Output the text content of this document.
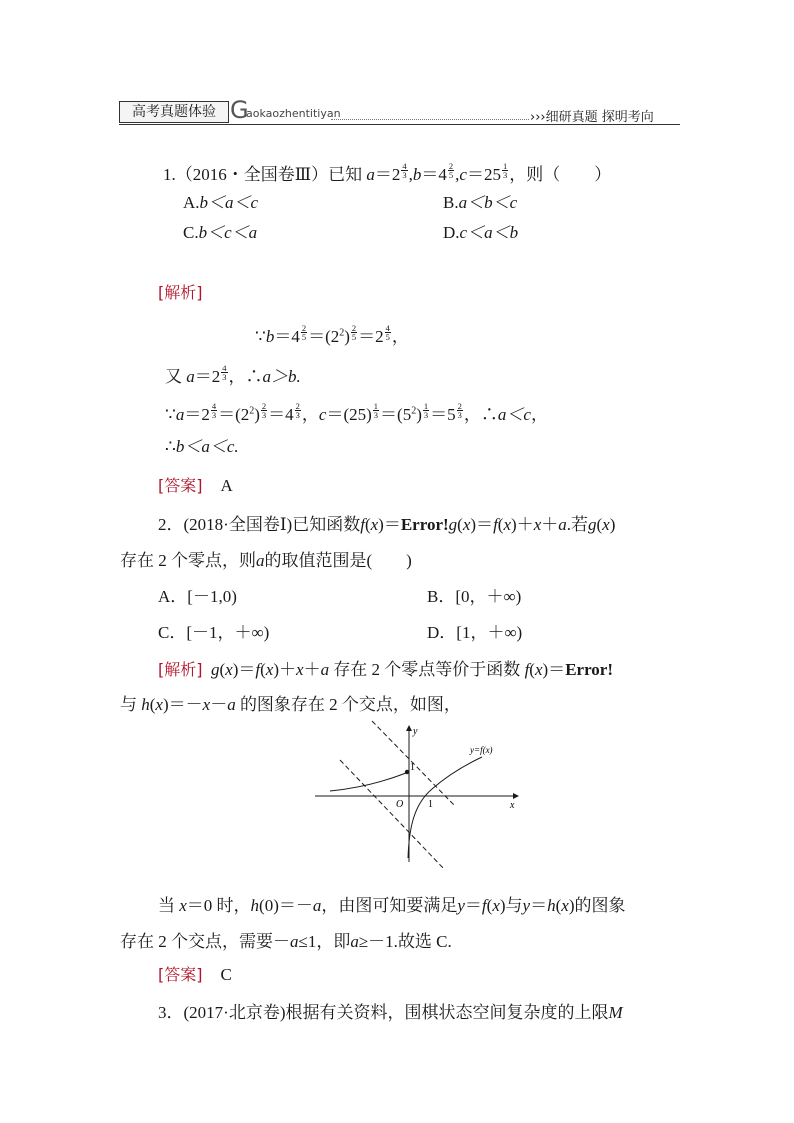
高考真题体验 G
aokaozhentitiyan	›››细研真题 探明考向
1.（2016・全国卷Ⅲ）已知 $a=2 \frac{4}{3} ,b=4 \frac{2}{5} ,c=25 \frac{1}{3}$ ，则（　　）
A.b＜a＜c	B.a＜b＜c
C.b＜c＜a	D.c＜a＜b
[解析]
∵b＝4 $\frac{2}{5} =(2^2) \frac{2}{5} =2 \frac{4}{5}$ ，
又 $a=2 \frac{4}{3}$ ，∴a＞b.
∵a＝2 $\frac{4}{3} =(2^2) \frac{2}{3} =4 \frac{2}{3}$ ，$c=(25) \frac{1}{3} =(5^2) \frac{1}{3} =5 \frac{2}{3}$ ，∴a＜c，
∴b＜a＜c.
[答案] A
2．(2018·全国卷Ⅰ)已知函数f(x)＝Error!g(x)＝f(x)＋x＋a.若g(x)
存在 2 个零点，则a的取值范围是(　　)
A．[－1,0)	B．[0，＋∞)
C．[－1，＋∞)	D．[1，＋∞)
[解析] g(x)＝f(x)＋x＋a 存在 2 个零点等价于函数 f(x)＝Error!
与 h(x)＝－x－a 的图象存在 2 个交点，如图，
y
x
O
1
1
y=f(x)
当 x＝0 时，h(0)＝－a，由图可知要满足y＝f(x)与y＝h(x)的图象
存在 2 个交点，需要－a≤1，即a≥－1.故选 C.
[答案] C
3．(2017·北京卷)根据有关资料，围棋状态空间复杂度的上限M
